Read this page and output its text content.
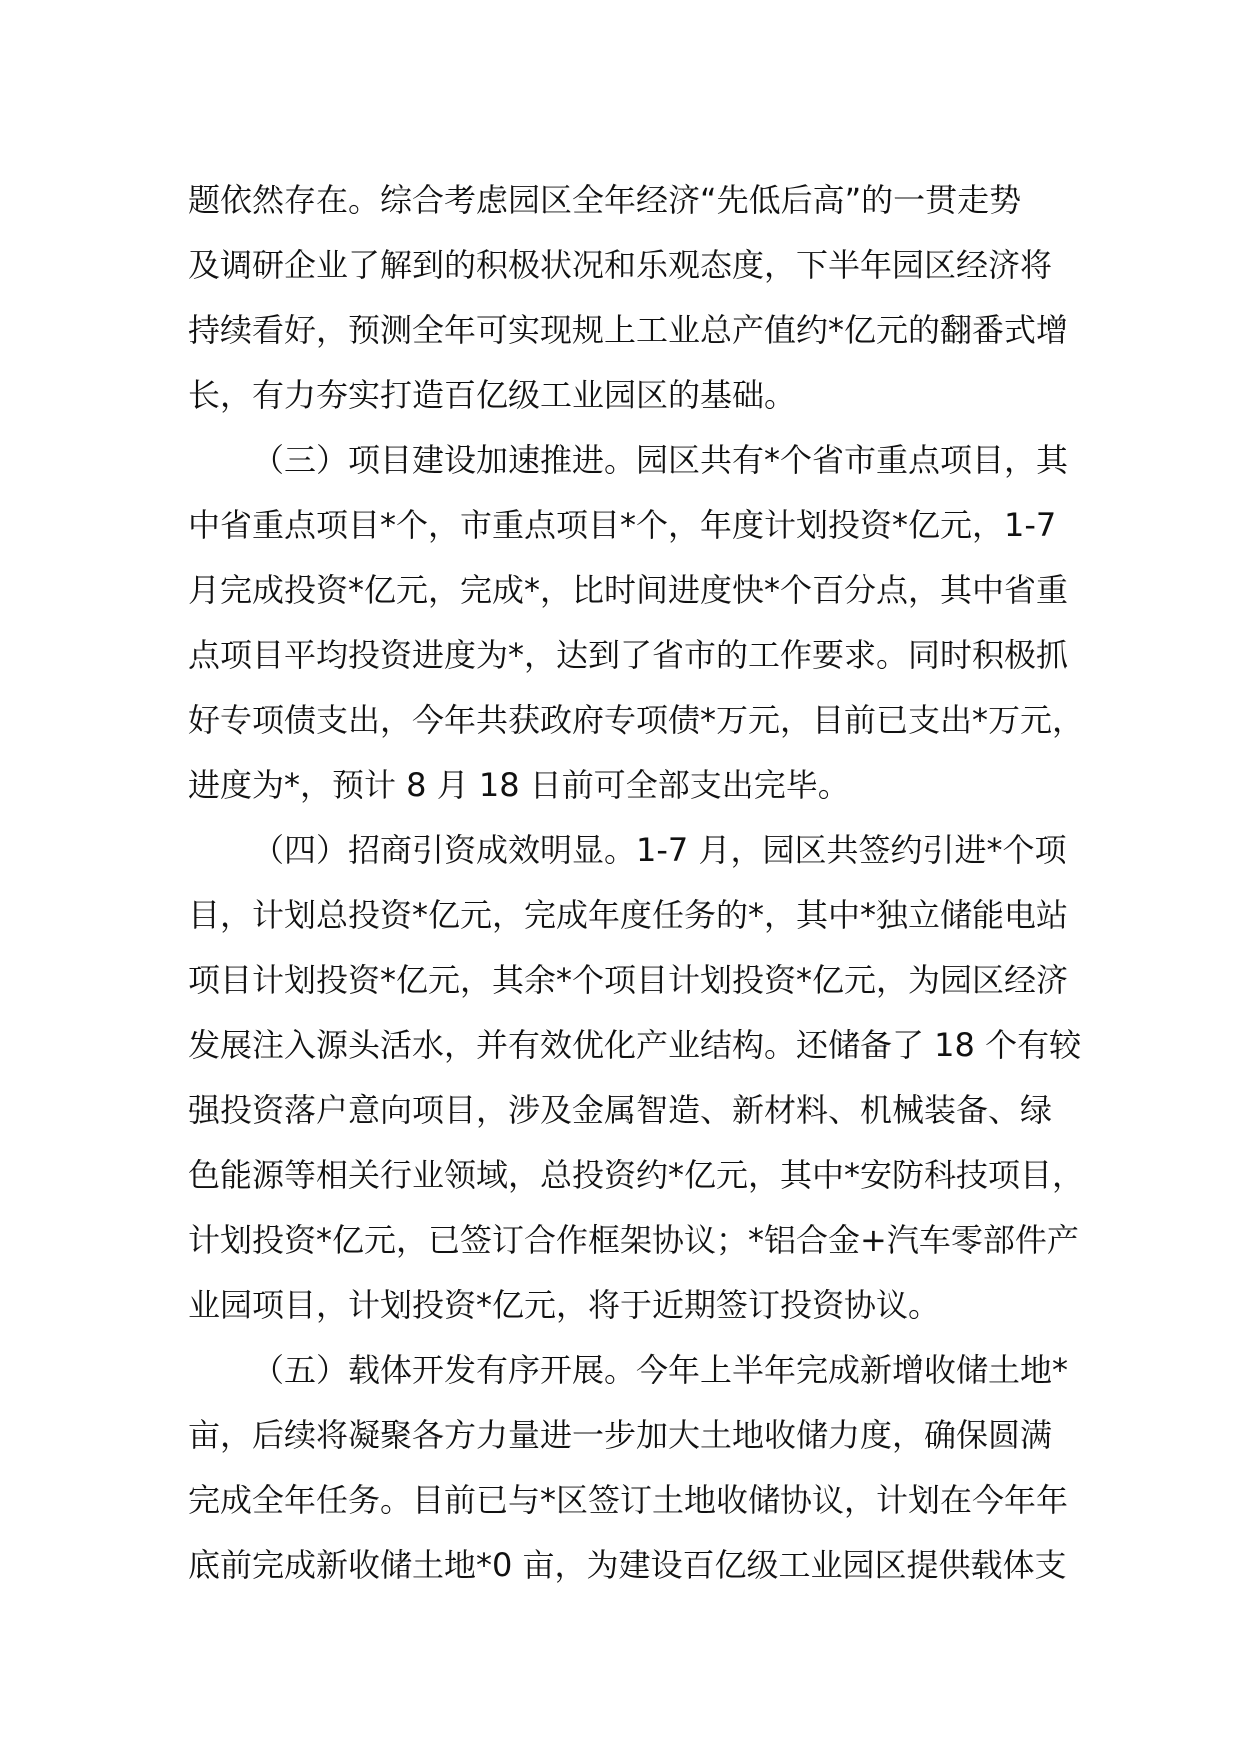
题依然存在。综合考虑园区全年经济“先低后高”的一贯走势
及调研企业了解到的积极状况和乐观态度，下半年园区经济将
持续看好，预测全年可实现规上工业总产值约*亿元的翻番式增
长，有力夯实打造百亿级工业园区的基础。
（三）项目建设加速推进。园区共有*个省市重点项目，其
中省重点项目*个，市重点项目*个，年度计划投资*亿元，1-7
月完成投资*亿元，完成*，比时间进度快*个百分点，其中省重
点项目平均投资进度为*，达到了省市的工作要求。同时积极抓
好专项债支出，今年共获政府专项债*万元，目前已支出*万元，
进度为*，预计 8 月 18 日前可全部支出完毕。
（四）招商引资成效明显。1-7 月，园区共签约引进*个项
目，计划总投资*亿元，完成年度任务的*，其中*独立储能电站
项目计划投资*亿元，其余*个项目计划投资*亿元，为园区经济
发展注入源头活水，并有效优化产业结构。还储备了 18 个有较
强投资落户意向项目，涉及金属智造、新材料、机械装备、绿
色能源等相关行业领域，总投资约*亿元，其中*安防科技项目，
计划投资*亿元，已签订合作框架协议；*铝合金+汽车零部件产
业园项目，计划投资*亿元，将于近期签订投资协议。
（五）载体开发有序开展。今年上半年完成新增收储土地*
亩，后续将凝聚各方力量进一步加大土地收储力度，确保圆满
完成全年任务。目前已与*区签订土地收储协议，计划在今年年
底前完成新收储土地*0 亩，为建设百亿级工业园区提供载体支
